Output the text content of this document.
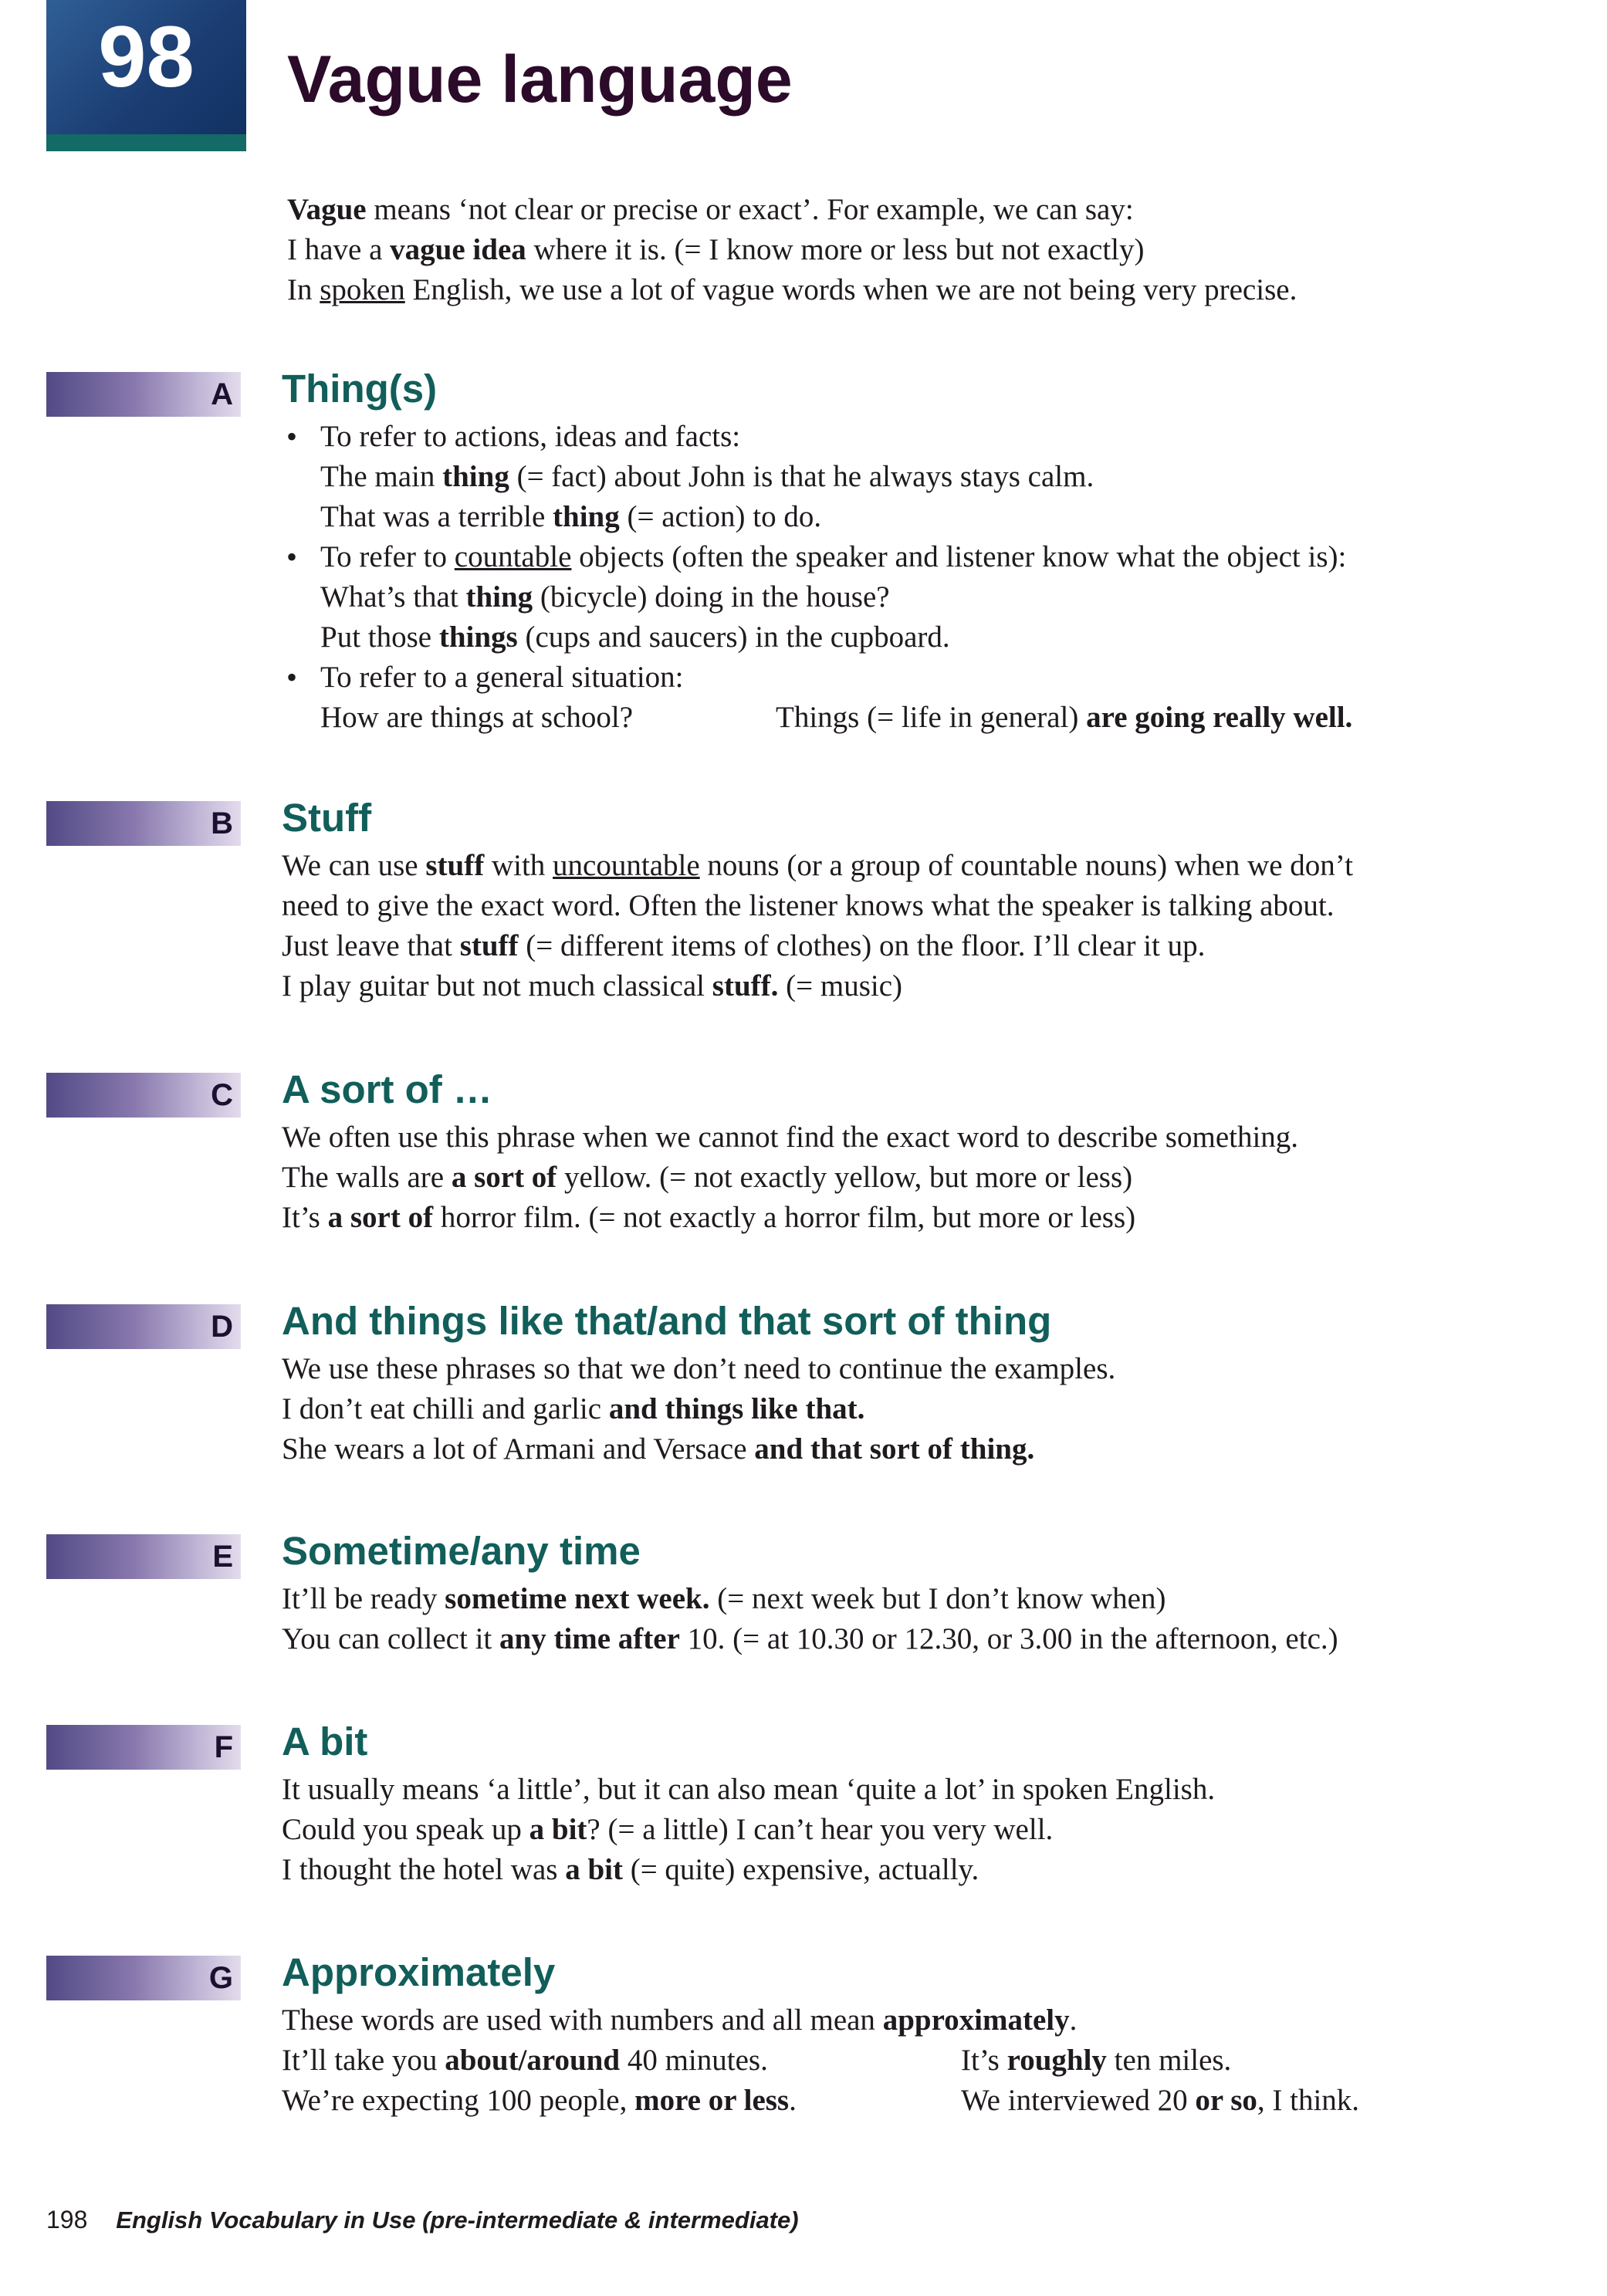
98	Vague language

Vague means ‘not clear or precise or exact’. For example, we can say:

I have a vague idea where it is. (= I know more or less but not exactly)

In spoken English, we use a lot of vague words when we are not being very precise.

A Thing(s)
• To refer to actions, ideas and facts:
The main thing (= fact) about John is that he always stays calm.
That was a terrible thing (= action) to do.
• To refer to countable objects (often the speaker and listener know what the object is):
What’s that thing (bicycle) doing in the house?
Put those things (cups and saucers) in the cupboard.
• To refer to a general situation:
How are things at school?	Things (= life in general) are going really well.
B Stuff

We can use stuff with uncountable nouns (or a group of countable nouns) when we don’t

need to give the exact word. Often the listener knows what the speaker is talking about.

Just leave that stuff (= different items of clothes) on the floor. I’ll clear it up.

I play guitar but not much classical stuff. (= music)

C A sort of …

We often use this phrase when we cannot find the exact word to describe something.

The walls are a sort of yellow. (= not exactly yellow, but more or less)

It’s a sort of horror film. (= not exactly a horror film, but more or less)

D And things like that/and that sort of thing

We use these phrases so that we don’t need to continue the examples.

I don’t eat chilli and garlic and things like that.

She wears a lot of Armani and Versace and that sort of thing.

E Sometime/any time

It’ll be ready sometime next week. (= next week but I don’t know when)

You can collect it any time after 10. (= at 10.30 or 12.30, or 3.00 in the afternoon, etc.)

F A bit

It usually means ‘a little’, but it can also mean ‘quite a lot’ in spoken English.

Could you speak up a bit? (= a little) I can’t hear you very well.

I thought the hotel was a bit (= quite) expensive, actually.

G Approximately

These words are used with numbers and all mean approximately.

It’ll take you about/around 40 minutes.	It’s roughly ten miles.

We’re expecting 100 people, more or less.	We interviewed 20 or so, I think.

198 English Vocabulary in Use (pre-intermediate & intermediate)
